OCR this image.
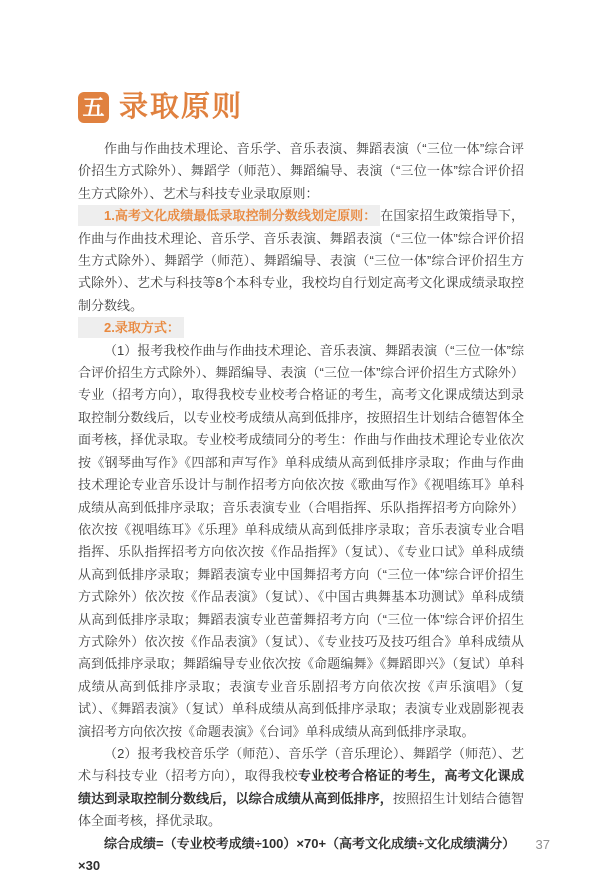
五 录取原则

作曲与作曲技术理论、音乐学、音乐表演、舞蹈表演（“三位一体”综合评价招生方式除外）、舞蹈学（师范）、舞蹈编导、表演（“三位一体”综合评价招生方式除外）、艺术与科技专业录取原则：

1.高考文化成绩最低录取控制分数线划定原则： 在国家招生政策指导下，作曲与作曲技术理论、音乐学、音乐表演、舞蹈表演（“三位一体”综合评价招生方式除外）、舞蹈学（师范）、舞蹈编导、表演（“三位一体”综合评价招生方式除外）、艺术与科技等8个本科专业，我校均自行划定高考文化课成绩录取控制分数线。

2.录取方式：

（1）报考我校作曲与作曲技术理论、音乐表演、舞蹈表演（“三位一体”综合评价招生方式除外）、舞蹈编导、表演（“三位一体”综合评价招生方式除外）专业（招考方向），取得我校专业校考合格证的考生，高考文化课成绩达到录取控制分数线后，以专业校考成绩从高到低排序，按照招生计划结合德智体全面考核，择优录取。专业校考成绩同分的考生：作曲与作曲技术理论专业依次按《钢琴曲写作》《四部和声写作》单科成绩从高到低排序录取；作曲与作曲技术理论专业音乐设计与制作招考方向依次按《歌曲写作》《视唱练耳》单科成绩从高到低排序录取；音乐表演专业（合唱指挥、乐队指挥招考方向除外）依次按《视唱练耳》《乐理》单科成绩从高到低排序录取；音乐表演专业合唱指挥、乐队指挥招考方向依次按《作品指挥》（复试）、《专业口试》单科成绩从高到低排序录取；舞蹈表演专业中国舞招考方向（“三位一体”综合评价招生方式除外）依次按《作品表演》（复试）、《中国古典舞基本功测试》单科成绩从高到低排序录取；舞蹈表演专业芭蕾舞招考方向（“三位一体”综合评价招生方式除外）依次按《作品表演》（复试）、《专业技巧及技巧组合》单科成绩从高到低排序录取；舞蹈编导专业依次按《命题编舞》《舞蹈即兴》（复试）单科成绩从高到低排序录取；表演专业音乐剧招考方向依次按《声乐演唱》（复试）、《舞蹈表演》（复试）单科成绩从高到低排序录取；表演专业戏剧影视表演招考方向依次按《命题表演》《台词》单科成绩从高到低排序录取。

（2）报考我校音乐学（师范）、音乐学（音乐理论）、舞蹈学（师范）、艺术与科技专业（招考方向），取得我校专业校考合格证的考生，高考文化课成绩达到录取控制分数线后，以综合成绩从高到低排序，按照招生计划结合德智体全面考核，择优录取。

综合成绩=（专业校考成绩÷100）×70+（高考文化成绩÷文化成绩满分）×30

37
